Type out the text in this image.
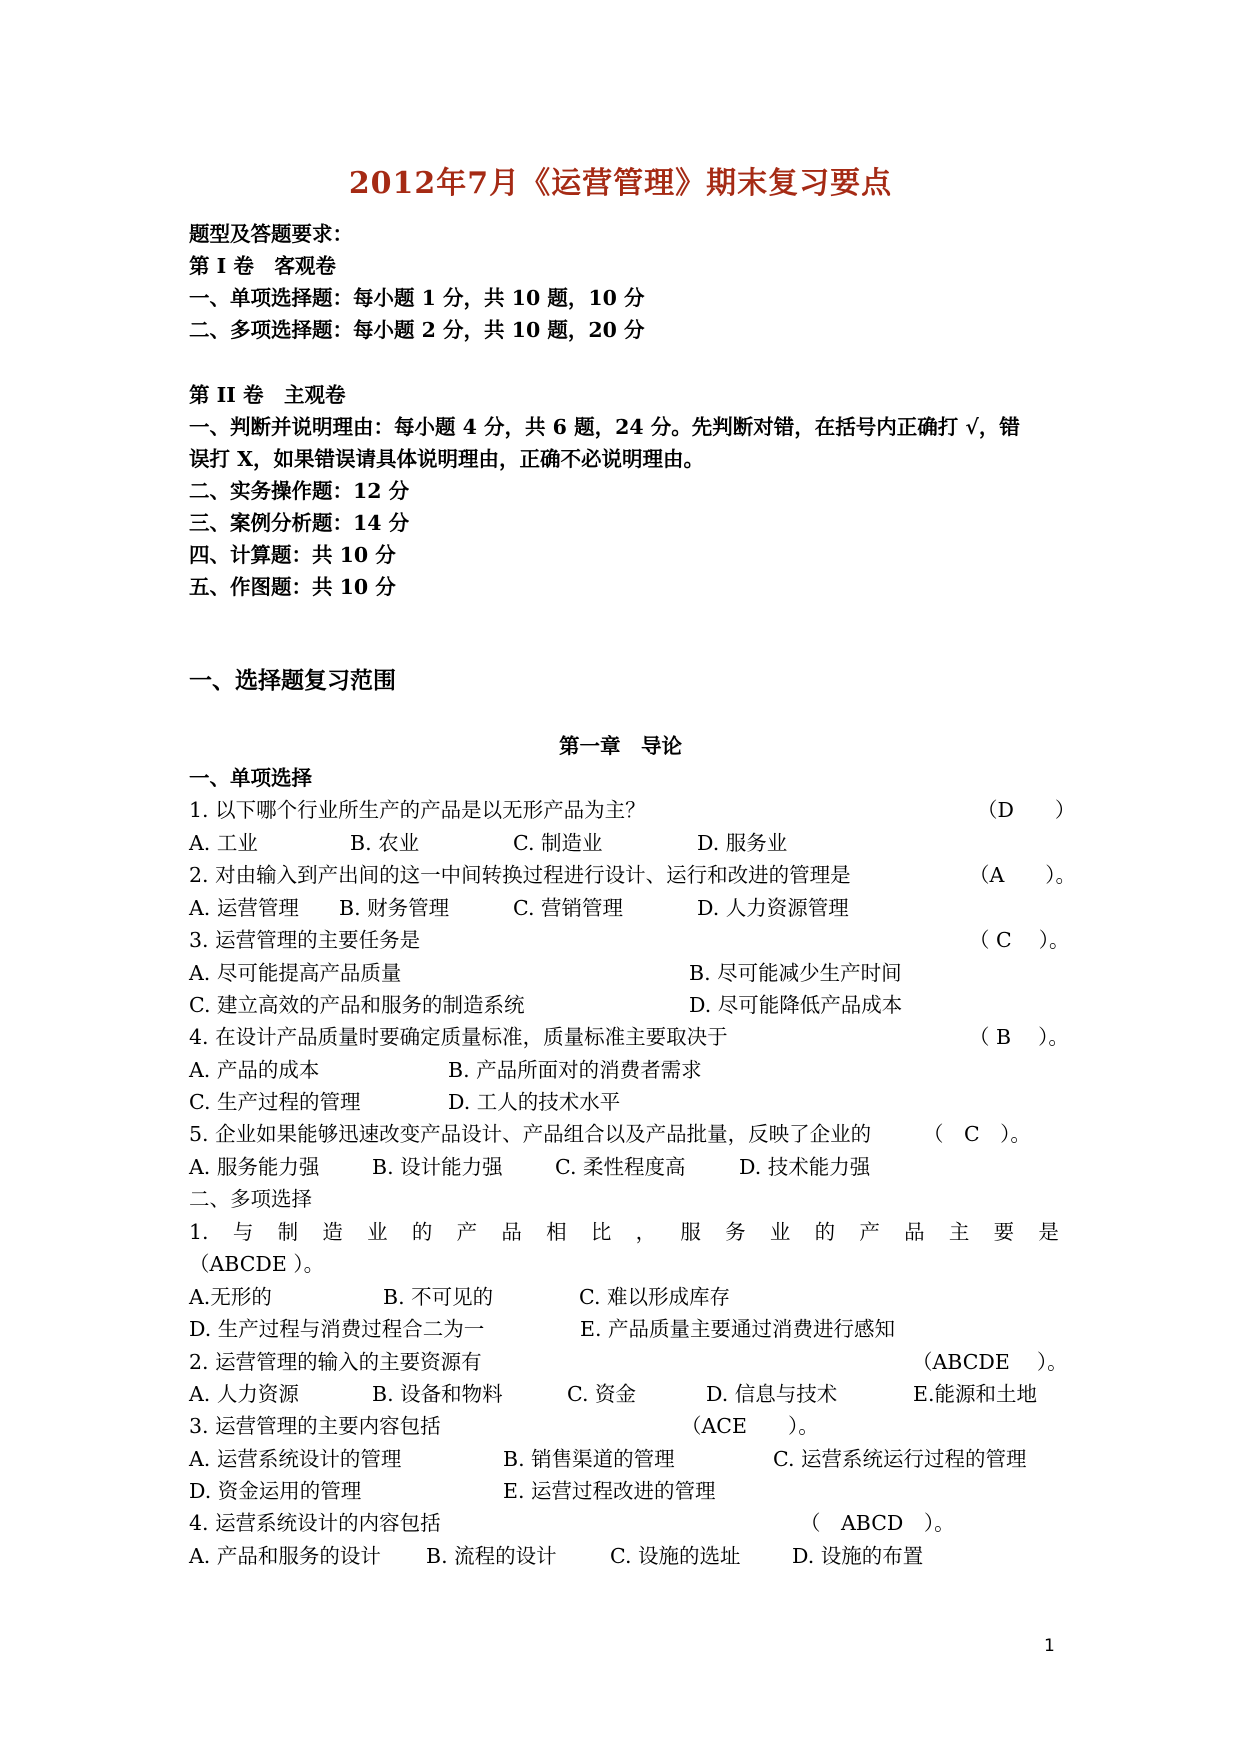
2012年7月《运营管理》期末复习要点
题型及答题要求：
第 I 卷　客观卷
一、单项选择题：每小题 1 分，共 10 题，10 分
二、多项选择题：每小题 2 分，共 10 题，20 分
第 II 卷　主观卷
一、判断并说明理由：每小题 4 分，共 6 题，24 分。先判断对错，在括号内正确打 √，错
误打 X，如果错误请具体说明理由，正确不必说明理由。
二、实务操作题：12 分
三、案例分析题：14 分
四、计算题：共 10 分
五、作图题：共 10 分
一、选择题复习范围
第一章　导论
一、单项选择
1. 以下哪个行业所生产的产品是以无形产品为主？	（D　　）
A. 工业	B. 农业	C. 制造业	D. 服务业
2. 对由输入到产出间的这一中间转换过程进行设计、运行和改进的管理是	（A　　）。
A. 运营管理 B. 财务管理	C. 营销管理	D. 人力资源管理
3. 运营管理的主要任务是	（ C　 ）。
A. 尽可能提高产品质量	B. 尽可能减少生产时间
C. 建立高效的产品和服务的制造系统	D. 尽可能降低产品成本
4. 在设计产品质量时要确定质量标准，质量标准主要取决于	（ B　 ）。
A. 产品的成本	B. 产品所面对的消费者需求
C. 生产过程的管理	D. 工人的技术水平
5. 企业如果能够迅速改变产品设计、产品组合以及产品批量，反映了企业的	（　C　）。
A. 服务能力强	B. 设计能力强	C. 柔性程度高	D. 技术能力强
二、多项选择
1. 与 制 造 业 的 产 品 相 比 ， 服 务 业 的 产 品 主 要 是
（ABCDE ）。
A.无形的	B. 不可见的	C. 难以形成库存
D. 生产过程与消费过程合二为一	E. 产品质量主要通过消费进行感知
2. 运营管理的输入的主要资源有	（ABCDE　 ）。
A. 人力资源	B. 设备和物料	C. 资金	D. 信息与技术	E.能源和土地
3. 运营管理的主要内容包括	（ACE　　）。
A. 运营系统设计的管理	B. 销售渠道的管理	C. 运营系统运行过程的管理
D. 资金运用的管理	E. 运营过程改进的管理
4. 运营系统设计的内容包括	（　ABCD　）。
A. 产品和服务的设计 B. 流程的设计	C. 设施的选址	D. 设施的布置
1
